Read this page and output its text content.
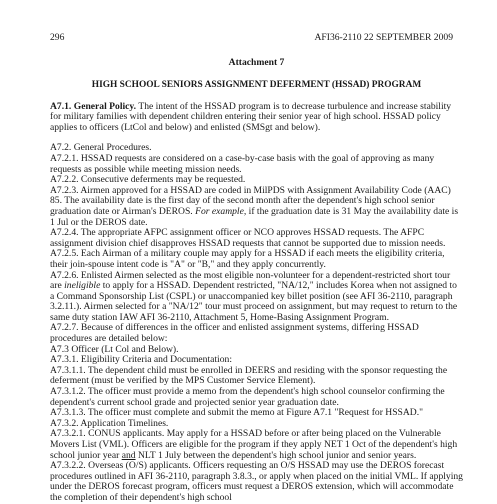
296	AFI36-2110 22 SEPTEMBER 2009
Attachment 7
HIGH SCHOOL SENIORS ASSIGNMENT DEFERMENT (HSSAD) PROGRAM

A7.1. General Policy. The intent of the HSSAD program is to decrease turbulence and increase stability for military families with dependent children entering their senior year of high school. HSSAD policy applies to officers (LtCol and below) and enlisted (SMSgt and below).

A7.2. General Procedures.

A7.2.1. HSSAD requests are considered on a case-by-case basis with the goal of approving as many requests as possible while meeting mission needs.

A7.2.2. Consecutive deferments may be requested.

A7.2.3. Airmen approved for a HSSAD are coded in MilPDS with Assignment Availability Code (AAC) 85. The availability date is the first day of the second month after the dependent's high school senior graduation date or Airman's DEROS. For example, if the graduation date is 31 May the availability date is 1 Jul or the DEROS date.

A7.2.4. The appropriate AFPC assignment officer or NCO approves HSSAD requests. The AFPC assignment division chief disapproves HSSAD requests that cannot be supported due to mission needs.

A7.2.5. Each Airman of a military couple may apply for a HSSAD if each meets the eligibility criteria, their join-spouse intent code is "A" or "B," and they apply concurrently.

A7.2.6. Enlisted Airmen selected as the most eligible non-volunteer for a dependent-restricted short tour are ineligible to apply for a HSSAD. Dependent restricted, "NA/12," includes Korea when not assigned to a Command Sponsorship List (CSPL) or unaccompanied key billet position (see AFI 36-2110, paragraph 3.2.11.). Airmen selected for a "NA/12" tour must proceed on assignment, but may request to return to the same duty station IAW AFI 36-2110, Attachment 5, Home-Basing Assignment Program.

A7.2.7. Because of differences in the officer and enlisted assignment systems, differing HSSAD procedures are detailed below:

A7.3 Officer (Lt Col and Below).

A7.3.1. Eligibility Criteria and Documentation:

A7.3.1.1. The dependent child must be enrolled in DEERS and residing with the sponsor requesting the deferment (must be verified by the MPS Customer Service Element).

A7.3.1.2. The officer must provide a memo from the dependent's high school counselor confirming the dependent's current school grade and projected senior year graduation date.

A7.3.1.3. The officer must complete and submit the memo at Figure A7.1 "Request for HSSAD."

A7.3.2. Application Timelines.

A7.3.2.1. CONUS applicants. May apply for a HSSAD before or after being placed on the Vulnerable Movers List (VML). Officers are eligible for the program if they apply NET 1 Oct of the dependent's high school junior year and NLT 1 July between the dependent's high school junior and senior years.

A7.3.2.2. Overseas (O/S) applicants. Officers requesting an O/S HSSAD may use the DEROS forecast procedures outlined in AFI 36-2110, paragraph 3.8.3., or apply when placed on the initial VML. If applying under the DEROS forecast program, officers must request a DEROS extension, which will accommodate the completion of their dependent's high school
